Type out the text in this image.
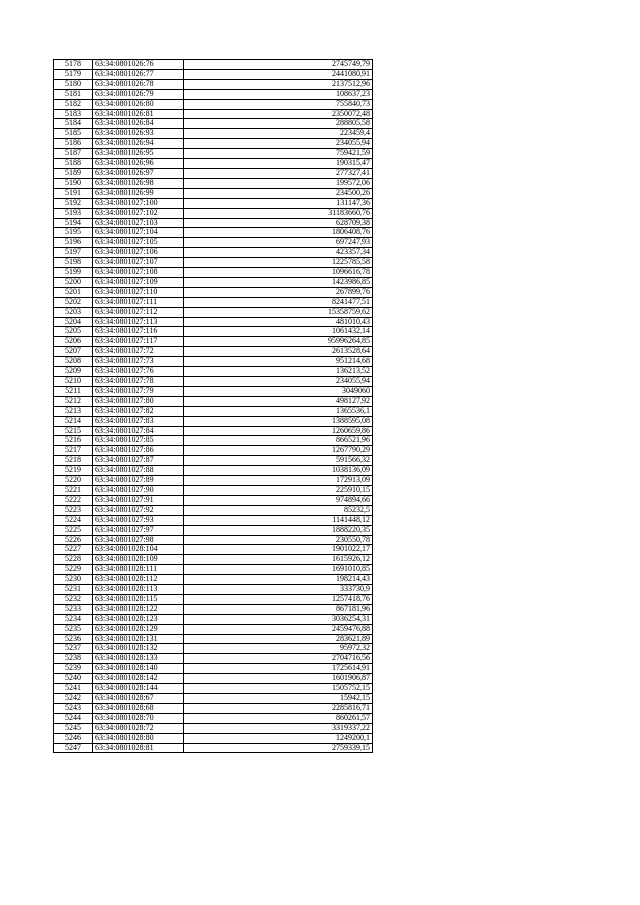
5178	63:34:0801026:76	2745749,79
5179	63:34:0801026:77	2441080,91
5180	63:34:0801026:78	2137512,96
5181	63:34:0801026:79	108637,23
5182	63:34:0801026:80	755840,73
5183	63:34:0801026:81	2350072,48
5184	63:34:0801026:84	288805,58
5185	63:34:0801026:93	223459,4
5186	63:34:0801026:94	234055,94
5187	63:34:0801026:95	759421,59
5188	63:34:0801026:96	190315,47
5189	63:34:0801026:97	277327,41
5190	63:34:0801026:98	199572,06
5191	63:34:0801026:99	234500,26
5192	63:34:0801027:100	131147,36
5193	63:34:0801027:102	31183660,76
5194	63:34:0801027:103	628709,38
5195	63:34:0801027:104	1806408,76
5196	63:34:0801027:105	697247,93
5197	63:34:0801027:106	423357,34
5198	63:34:0801027:107	1225785,58
5199	63:34:0801027:108	1096616,78
5200	63:34:0801027:109	1423986,85
5201	63:34:0801027:110	267899,76
5202	63:34:0801027:111	8241477,51
5203	63:34:0801027:112	15358759,62
5204	63:34:0801027:113	481010,43
5205	63:34:0801027:116	1061432,14
5206	63:34:0801027:117	95996264,85
5207	63:34:0801027:72	2613528,64
5208	63:34:0801027:73	951214,68
5209	63:34:0801027:76	136213,52
5210	63:34:0801027:78	234055,94
5211	63:34:0801027:79	3049060
5212	63:34:0801027:80	498127,92
5213	63:34:0801027:82	1365536,1
5214	63:34:0801027:83	1388595,08
5215	63:34:0801027:84	1260659,86
5216	63:34:0801027:85	866521,96
5217	63:34:0801027:86	1267790,29
5218	63:34:0801027:87	591566,32
5219	63:34:0801027:88	1038136,09
5220	63:34:0801027:89	172913,09
5221	63:34:0801027:90	225910,15
5222	63:34:0801027:91	974894,66
5223	63:34:0801027:92	85232,5
5224	63:34:0801027:93	1141448,12
5225	63:34:0801027:97	1888220,35
5226	63:34:0801027:98	230550,78
5227	63:34:0801028:104	1901022,17
5228	63:34:0801028:109	1615926,12
5229	63:34:0801028:111	1691010,85
5230	63:34:0801028:112	198214,43
5231	63:34:0801028:113	333730,9
5232	63:34:0801028:115	1257418,76
5233	63:34:0801028:122	867181,96
5234	63:34:0801028:123	3036254,31
5235	63:34:0801028:129	2459476,88
5236	63:34:0801028:131	283621,89
5237	63:34:0801028:132	95972,32
5238	63:34:0801028:133	2704716,56
5239	63:34:0801028:140	1725614,91
5240	63:34:0801028:142	1601906,87
5241	63:34:0801028:144	1505752,15
5242	63:34:0801028:67	15942,15
5243	63:34:0801028:68	2285816,71
5244	63:34:0801028:70	860261,57
5245	63:34:0801028:72	3319337,22
5246	63:34:0801028:80	1249200,1
5247	63:34:0801028:81	2759339,15
